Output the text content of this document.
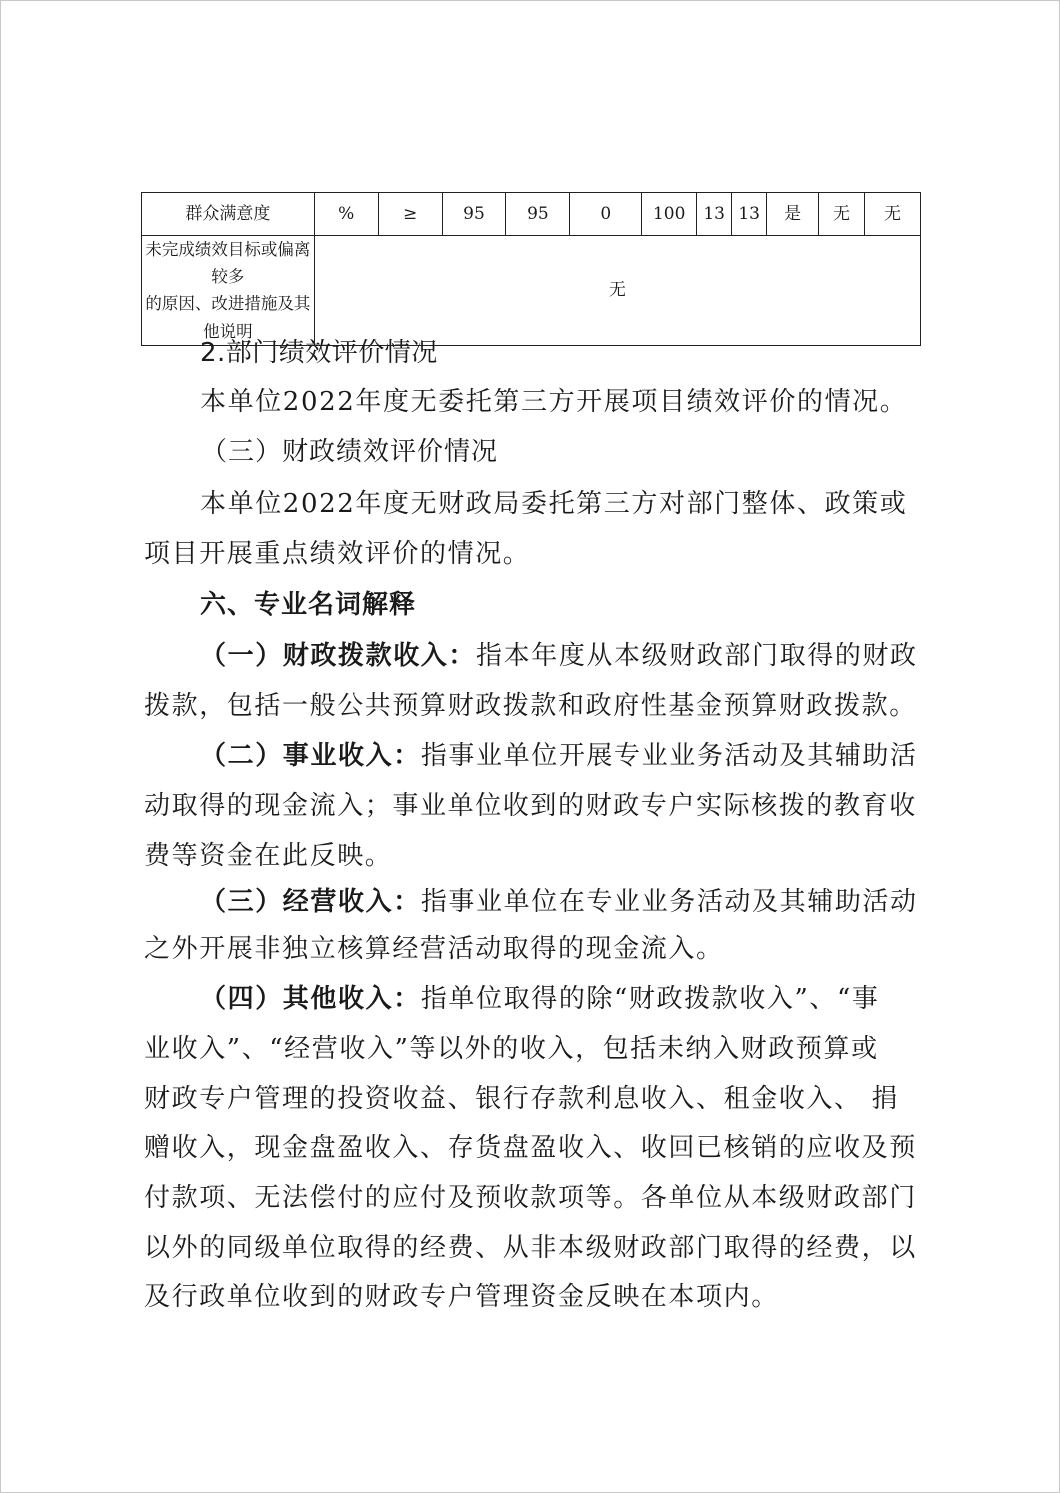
群众满意度	%	≥	95	95	0	100	13	13	是	无	无

未完成绩效目标或偏离较多
的原因、改进措施及其他说明	无										
2.部门绩效评价情况
本单位2022年度无委托第三方开展项目绩效评价的情况。
（三）财政绩效评价情况
本单位2022年度无财政局委托第三方对部门整体、政策或
项目开展重点绩效评价的情况。
六、专业名词解释
（一）财政拨款收入：指本年度从本级财政部门取得的财政
拨款，包括一般公共预算财政拨款和政府性基金预算财政拨款。
（二）事业收入：指事业单位开展专业业务活动及其辅助活
动取得的现金流入；事业单位收到的财政专户实际核拨的教育收
费等资金在此反映。
（三）经营收入：指事业单位在专业业务活动及其辅助活动
之外开展非独立核算经营活动取得的现金流入。
（四）其他收入：指单位取得的除“财政拨款收入”、“事
业收入”、“经营收入”等以外的收入，包括未纳入财政预算或
财政专户管理的投资收益、银行存款利息收入、租金收入、 捐
赠收入，现金盘盈收入、存货盘盈收入、收回已核销的应收及预
付款项、无法偿付的应付及预收款项等。各单位从本级财政部门
以外的同级单位取得的经费、从非本级财政部门取得的经费，以
及行政单位收到的财政专户管理资金反映在本项内。
